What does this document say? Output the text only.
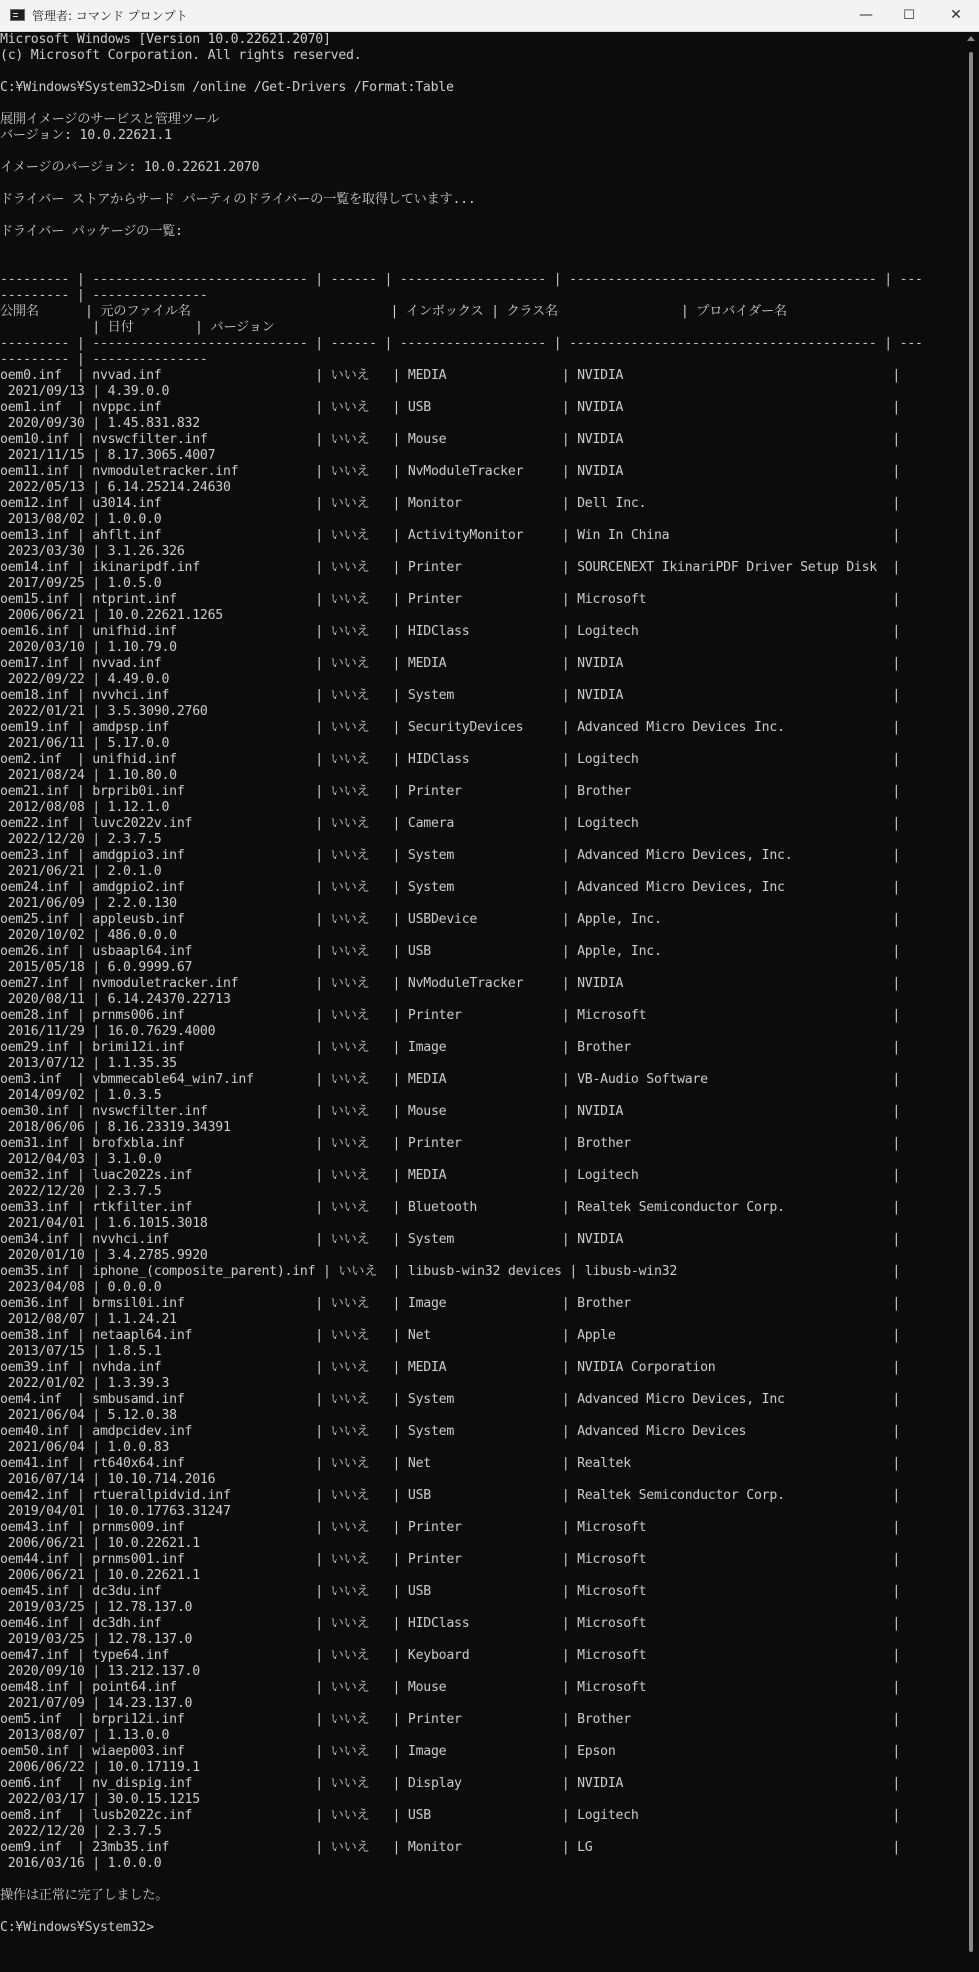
管理者: コマンド プロンプト	—	☐	✕
Microsoft Windows [Version 10.0.22621.2070]
(c) Microsoft Corporation. All rights reserved.
C:¥Windows¥System32>Dism /online /Get-Drivers /Format:Table
展開イメージのサービスと管理ツール
バージョン: 10.0.22621.1
イメージのバージョン: 10.0.22621.2070
ドライバー ストアからサード パーティのドライバーの一覧を取得しています...
ドライバー パッケージの一覧:
--------- | ---------------------------- | ------ | ------------------- | ---------------------------------------- | ---
--------- | ---------------
公開名      | 元のファイル名                          | インボックス | クラス名                | プロバイダー名
| 日付        | バージョン
--------- | ---------------------------- | ------ | ------------------- | ---------------------------------------- | ---
--------- | ---------------
oem0.inf  | nvvad.inf                    | いいえ   | MEDIA               | NVIDIA                                   |
2021/09/13 | 4.39.0.0
oem1.inf  | nvppc.inf                    | いいえ   | USB                 | NVIDIA                                   |
2020/09/30 | 1.45.831.832
oem10.inf | nvswcfilter.inf              | いいえ   | Mouse               | NVIDIA                                   |
2021/11/15 | 8.17.3065.4007
oem11.inf | nvmoduletracker.inf          | いいえ   | NvModuleTracker     | NVIDIA                                   |
2022/05/13 | 6.14.25214.24630
oem12.inf | u3014.inf                    | いいえ   | Monitor             | Dell Inc.                                |
2013/08/02 | 1.0.0.0
oem13.inf | ahflt.inf                    | いいえ   | ActivityMonitor     | Win In China                             |
2023/03/30 | 3.1.26.326
oem14.inf | ikinaripdf.inf               | いいえ   | Printer             | SOURCENEXT IkinariPDF Driver Setup Disk  |
2017/09/25 | 1.0.5.0
oem15.inf | ntprint.inf                  | いいえ   | Printer             | Microsoft                                |
2006/06/21 | 10.0.22621.1265
oem16.inf | unifhid.inf                  | いいえ   | HIDClass            | Logitech                                 |
2020/03/10 | 1.10.79.0
oem17.inf | nvvad.inf                    | いいえ   | MEDIA               | NVIDIA                                   |
2022/09/22 | 4.49.0.0
oem18.inf | nvvhci.inf                   | いいえ   | System              | NVIDIA                                   |
2022/01/21 | 3.5.3090.2760
oem19.inf | amdpsp.inf                   | いいえ   | SecurityDevices     | Advanced Micro Devices Inc.              |
2021/06/11 | 5.17.0.0
oem2.inf  | unifhid.inf                  | いいえ   | HIDClass            | Logitech                                 |
2021/08/24 | 1.10.80.0
oem21.inf | brprib0i.inf                 | いいえ   | Printer             | Brother                                  |
2012/08/08 | 1.12.1.0
oem22.inf | luvc2022v.inf                | いいえ   | Camera              | Logitech                                 |
2022/12/20 | 2.3.7.5
oem23.inf | amdgpio3.inf                 | いいえ   | System              | Advanced Micro Devices, Inc.             |
2021/06/21 | 2.0.1.0
oem24.inf | amdgpio2.inf                 | いいえ   | System              | Advanced Micro Devices, Inc              |
2021/06/09 | 2.2.0.130
oem25.inf | appleusb.inf                 | いいえ   | USBDevice           | Apple, Inc.                              |
2020/10/02 | 486.0.0.0
oem26.inf | usbaapl64.inf                | いいえ   | USB                 | Apple, Inc.                              |
2015/05/18 | 6.0.9999.67
oem27.inf | nvmoduletracker.inf          | いいえ   | NvModuleTracker     | NVIDIA                                   |
2020/08/11 | 6.14.24370.22713
oem28.inf | prnms006.inf                 | いいえ   | Printer             | Microsoft                                |
2016/11/29 | 16.0.7629.4000
oem29.inf | brimi12i.inf                 | いいえ   | Image               | Brother                                  |
2013/07/12 | 1.1.35.35
oem3.inf  | vbmmecable64_win7.inf        | いいえ   | MEDIA               | VB-Audio Software                        |
2014/09/02 | 1.0.3.5
oem30.inf | nvswcfilter.inf              | いいえ   | Mouse               | NVIDIA                                   |
2018/06/06 | 8.16.23319.34391
oem31.inf | brofxbla.inf                 | いいえ   | Printer             | Brother                                  |
2012/04/03 | 3.1.0.0
oem32.inf | luac2022s.inf                | いいえ   | MEDIA               | Logitech                                 |
2022/12/20 | 2.3.7.5
oem33.inf | rtkfilter.inf                | いいえ   | Bluetooth           | Realtek Semiconductor Corp.              |
2021/04/01 | 1.6.1015.3018
oem34.inf | nvvhci.inf                   | いいえ   | System              | NVIDIA                                   |
2020/01/10 | 3.4.2785.9920
oem35.inf | iphone_(composite_parent).inf | いいえ  | libusb-win32 devices | libusb-win32                            |
2023/04/08 | 0.0.0.0
oem36.inf | brmsil0i.inf                 | いいえ   | Image               | Brother                                  |
2012/08/07 | 1.1.24.21
oem38.inf | netaapl64.inf                | いいえ   | Net                 | Apple                                    |
2013/07/15 | 1.8.5.1
oem39.inf | nvhda.inf                    | いいえ   | MEDIA               | NVIDIA Corporation                       |
2022/01/02 | 1.3.39.3
oem4.inf  | smbusamd.inf                 | いいえ   | System              | Advanced Micro Devices, Inc              |
2021/06/04 | 5.12.0.38
oem40.inf | amdpcidev.inf                | いいえ   | System              | Advanced Micro Devices                   |
2021/06/04 | 1.0.0.83
oem41.inf | rt640x64.inf                 | いいえ   | Net                 | Realtek                                  |
2016/07/14 | 10.10.714.2016
oem42.inf | rtuerallpidvid.inf           | いいえ   | USB                 | Realtek Semiconductor Corp.              |
2019/04/01 | 10.0.17763.31247
oem43.inf | prnms009.inf                 | いいえ   | Printer             | Microsoft                                |
2006/06/21 | 10.0.22621.1
oem44.inf | prnms001.inf                 | いいえ   | Printer             | Microsoft                                |
2006/06/21 | 10.0.22621.1
oem45.inf | dc3du.inf                    | いいえ   | USB                 | Microsoft                                |
2019/03/25 | 12.78.137.0
oem46.inf | dc3dh.inf                    | いいえ   | HIDClass            | Microsoft                                |
2019/03/25 | 12.78.137.0
oem47.inf | type64.inf                   | いいえ   | Keyboard            | Microsoft                                |
2020/09/10 | 13.212.137.0
oem48.inf | point64.inf                  | いいえ   | Mouse               | Microsoft                                |
2021/07/09 | 14.23.137.0
oem5.inf  | brpri12i.inf                 | いいえ   | Printer             | Brother                                  |
2013/08/07 | 1.13.0.0
oem50.inf | wiaep003.inf                 | いいえ   | Image               | Epson                                    |
2006/06/22 | 10.0.17119.1
oem6.inf  | nv_dispig.inf                | いいえ   | Display             | NVIDIA                                   |
2022/03/17 | 30.0.15.1215
oem8.inf  | lusb2022c.inf                | いいえ   | USB                 | Logitech                                 |
2022/12/20 | 2.3.7.5
oem9.inf  | 23mb35.inf                   | いいえ   | Monitor             | LG                                       |
2016/03/16 | 1.0.0.0
操作は正常に完了しました。
C:¥Windows¥System32>
